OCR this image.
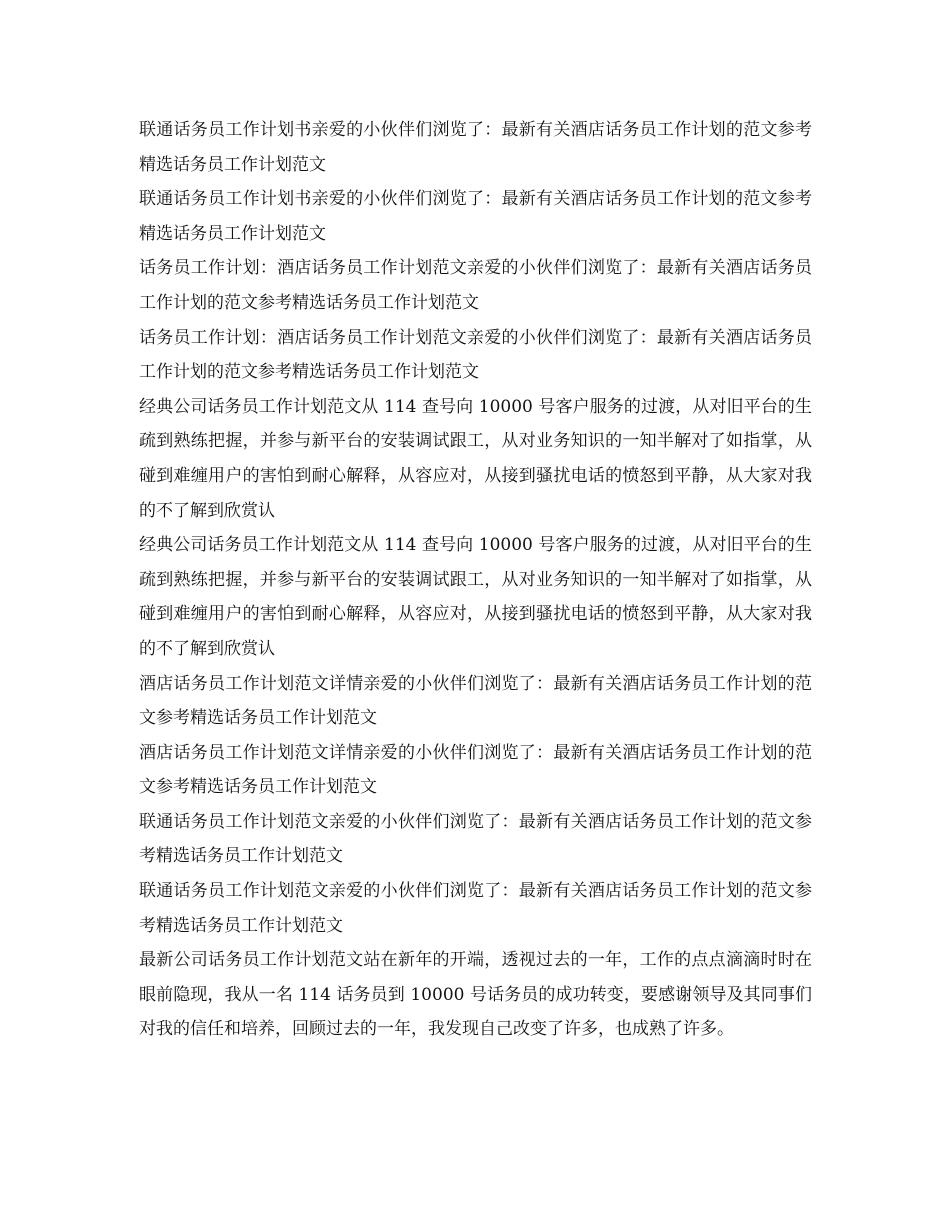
联通话务员工作计划书亲爱的小伙伴们浏览了：最新有关酒店话务员工作计划的范文参考精选话务员工作计划范文

联通话务员工作计划书亲爱的小伙伴们浏览了：最新有关酒店话务员工作计划的范文参考精选话务员工作计划范文

话务员工作计划：酒店话务员工作计划范文亲爱的小伙伴们浏览了：最新有关酒店话务员工作计划的范文参考精选话务员工作计划范文

话务员工作计划：酒店话务员工作计划范文亲爱的小伙伴们浏览了：最新有关酒店话务员工作计划的范文参考精选话务员工作计划范文

经典公司话务员工作计划范文从 114 查号向 10000 号客户服务的过渡，从对旧平台的生疏到熟练把握，并参与新平台的安装调试跟工，从对业务知识的一知半解对了如指掌，从碰到难缠用户的害怕到耐心解释，从容应对，从接到骚扰电话的愤怒到平静，从大家对我的不了解到欣赏认

经典公司话务员工作计划范文从 114 查号向 10000 号客户服务的过渡，从对旧平台的生疏到熟练把握，并参与新平台的安装调试跟工，从对业务知识的一知半解对了如指掌，从碰到难缠用户的害怕到耐心解释，从容应对，从接到骚扰电话的愤怒到平静，从大家对我的不了解到欣赏认

酒店话务员工作计划范文详情亲爱的小伙伴们浏览了：最新有关酒店话务员工作计划的范文参考精选话务员工作计划范文

酒店话务员工作计划范文详情亲爱的小伙伴们浏览了：最新有关酒店话务员工作计划的范文参考精选话务员工作计划范文

联通话务员工作计划范文亲爱的小伙伴们浏览了：最新有关酒店话务员工作计划的范文参考精选话务员工作计划范文

联通话务员工作计划范文亲爱的小伙伴们浏览了：最新有关酒店话务员工作计划的范文参考精选话务员工作计划范文

最新公司话务员工作计划范文站在新年的开端，透视过去的一年，工作的点点滴滴时时在眼前隐现，我从一名 114 话务员到 10000 号话务员的成功转变，要感谢领导及其同事们对我的信任和培养，回顾过去的一年，我发现自己改变了许多，也成熟了许多。
